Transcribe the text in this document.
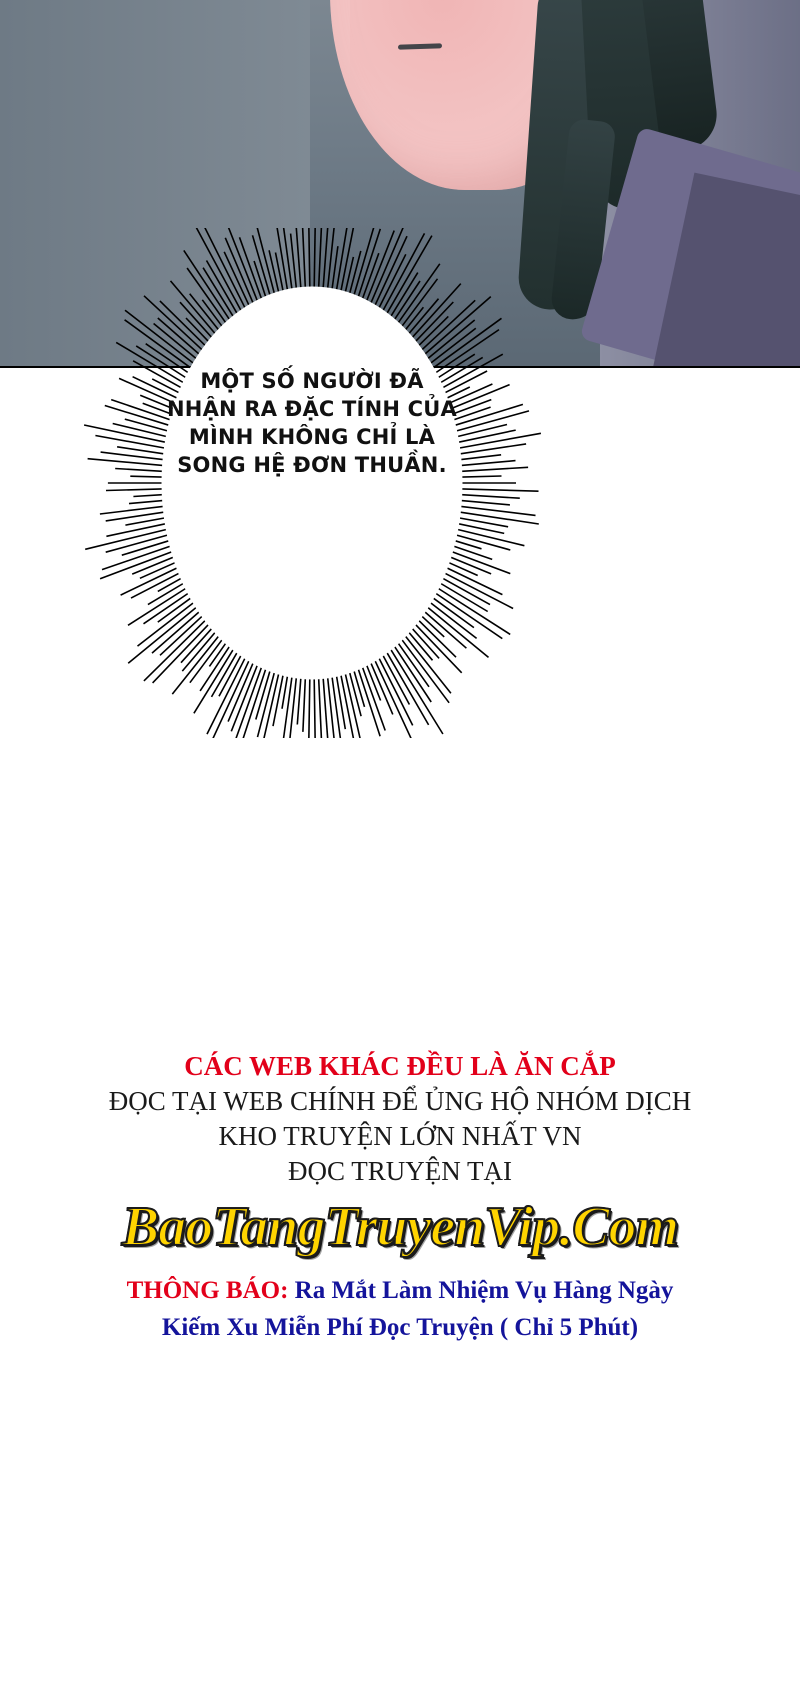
MỘT SỐ NGƯỜI ĐÃ NHẬN RA ĐẶC TÍNH CỦA MÌNH KHÔNG CHỈ LÀ SONG HỆ ĐƠN THUẦN.
CÁC WEB KHÁC ĐỀU LÀ ĂN CẮP
ĐỌC TẠI WEB CHÍNH ĐỂ ỦNG HỘ NHÓM DỊCH
KHO TRUYỆN LỚN NHẤT VN
ĐỌC TRUYỆN TẠI
BaoTangTruyenVip.Com
THÔNG BÁO: Ra Mắt Làm Nhiệm Vụ Hàng Ngày
Kiếm Xu Miễn Phí Đọc Truyện ( Chỉ 5 Phút)
